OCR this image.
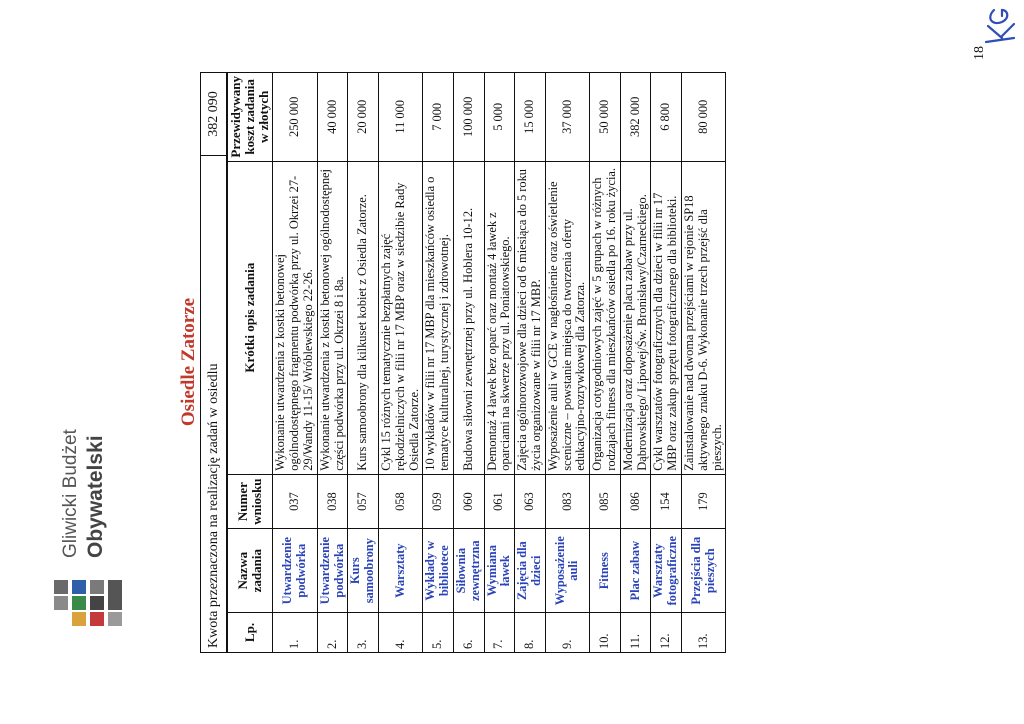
Gliwicki Budżet Obywatelski
Osiedle Zatorze
Kwota przeznaczona na realizację zadań w osiedlu	382 090
Lp.	Nazwa zadania	Numer wniosku	Krótki opis zadania	Przewidywany koszt zadania w złotych
1.	Utwardzenie podwórka	037	Wykonanie utwardzenia z kostki betonowej ogólnodostępnego fragmentu podwórka przy ul. Okrzei 27-29/Wandy 11-15/ Wróblewskiego 22-26.	250 000
2.	Utwardzenie podwórka	038	Wykonanie utwardzenia z kostki betonowej ogólnodostępnej części podwórka przy ul. Okrzei 8 i 8a.	40 000
3.	Kurs samoobrony	057	Kurs samoobrony dla kilkuset kobiet z Osiedla Zatorze.	20 000
4.	Warsztaty	058	Cykl 15 różnych tematycznie bezpłatnych zajęć rękodzielniczych w filii nr 17 MBP oraz w siedzibie Rady Osiedla Zatorze.	11 000
5.	Wykłady w bibliotece	059	10 wykładów w filii nr 17 MBP dla mieszkańców osiedla o tematyce kulturalnej, turystycznej i zdrowotnej.	7 000
6.	Siłownia zewnętrzna	060	Budowa siłowni zewnętrznej przy ul. Hoblera 10-12.	100 000
7.	Wymiana ławek	061	Demontaż 4 ławek bez oparć oraz montaż 4 ławek z oparciami na skwerze przy ul. Poniatowskiego.	5 000
8.	Zajęcia dla dzieci	063	Zajęcia ogólnorozwojowe dla dzieci od 6 miesiąca do 5 roku życia organizowane w filii nr 17 MBP.	15 000
9.	Wyposażenie auli	083	Wyposażenie auli w GCE w nagłośnienie oraz oświetlenie sceniczne – powstanie miejsca do tworzenia oferty edukacyjno-rozrywkowej dla Zatorza.	37 000
10.	Fitness	085	Organizacja cotygodniowych zajęć w 5 grupach w różnych rodzajach fitness dla mieszkańców osiedla po 16. roku życia.	50 000
11.	Plac zabaw	086	Modernizacja oraz doposażenie placu zabaw przy ul. Dąbrowskiego/ Lipowej/Św. Bronisławy/Czarneckiego.	382 000
12.	Warsztaty fotograficzne	154	Cykl warsztatów fotograficznych dla dzieci w filii nr 17 MBP oraz zakup sprzętu fotograficznego dla biblioteki.	6 800
13.	Przejścia dla pieszych	179	Zainstalowanie nad dwoma przejściami w rejonie SP18 aktywnego znaku D-6. Wykonanie trzech przejść dla pieszych.	80 000
18
